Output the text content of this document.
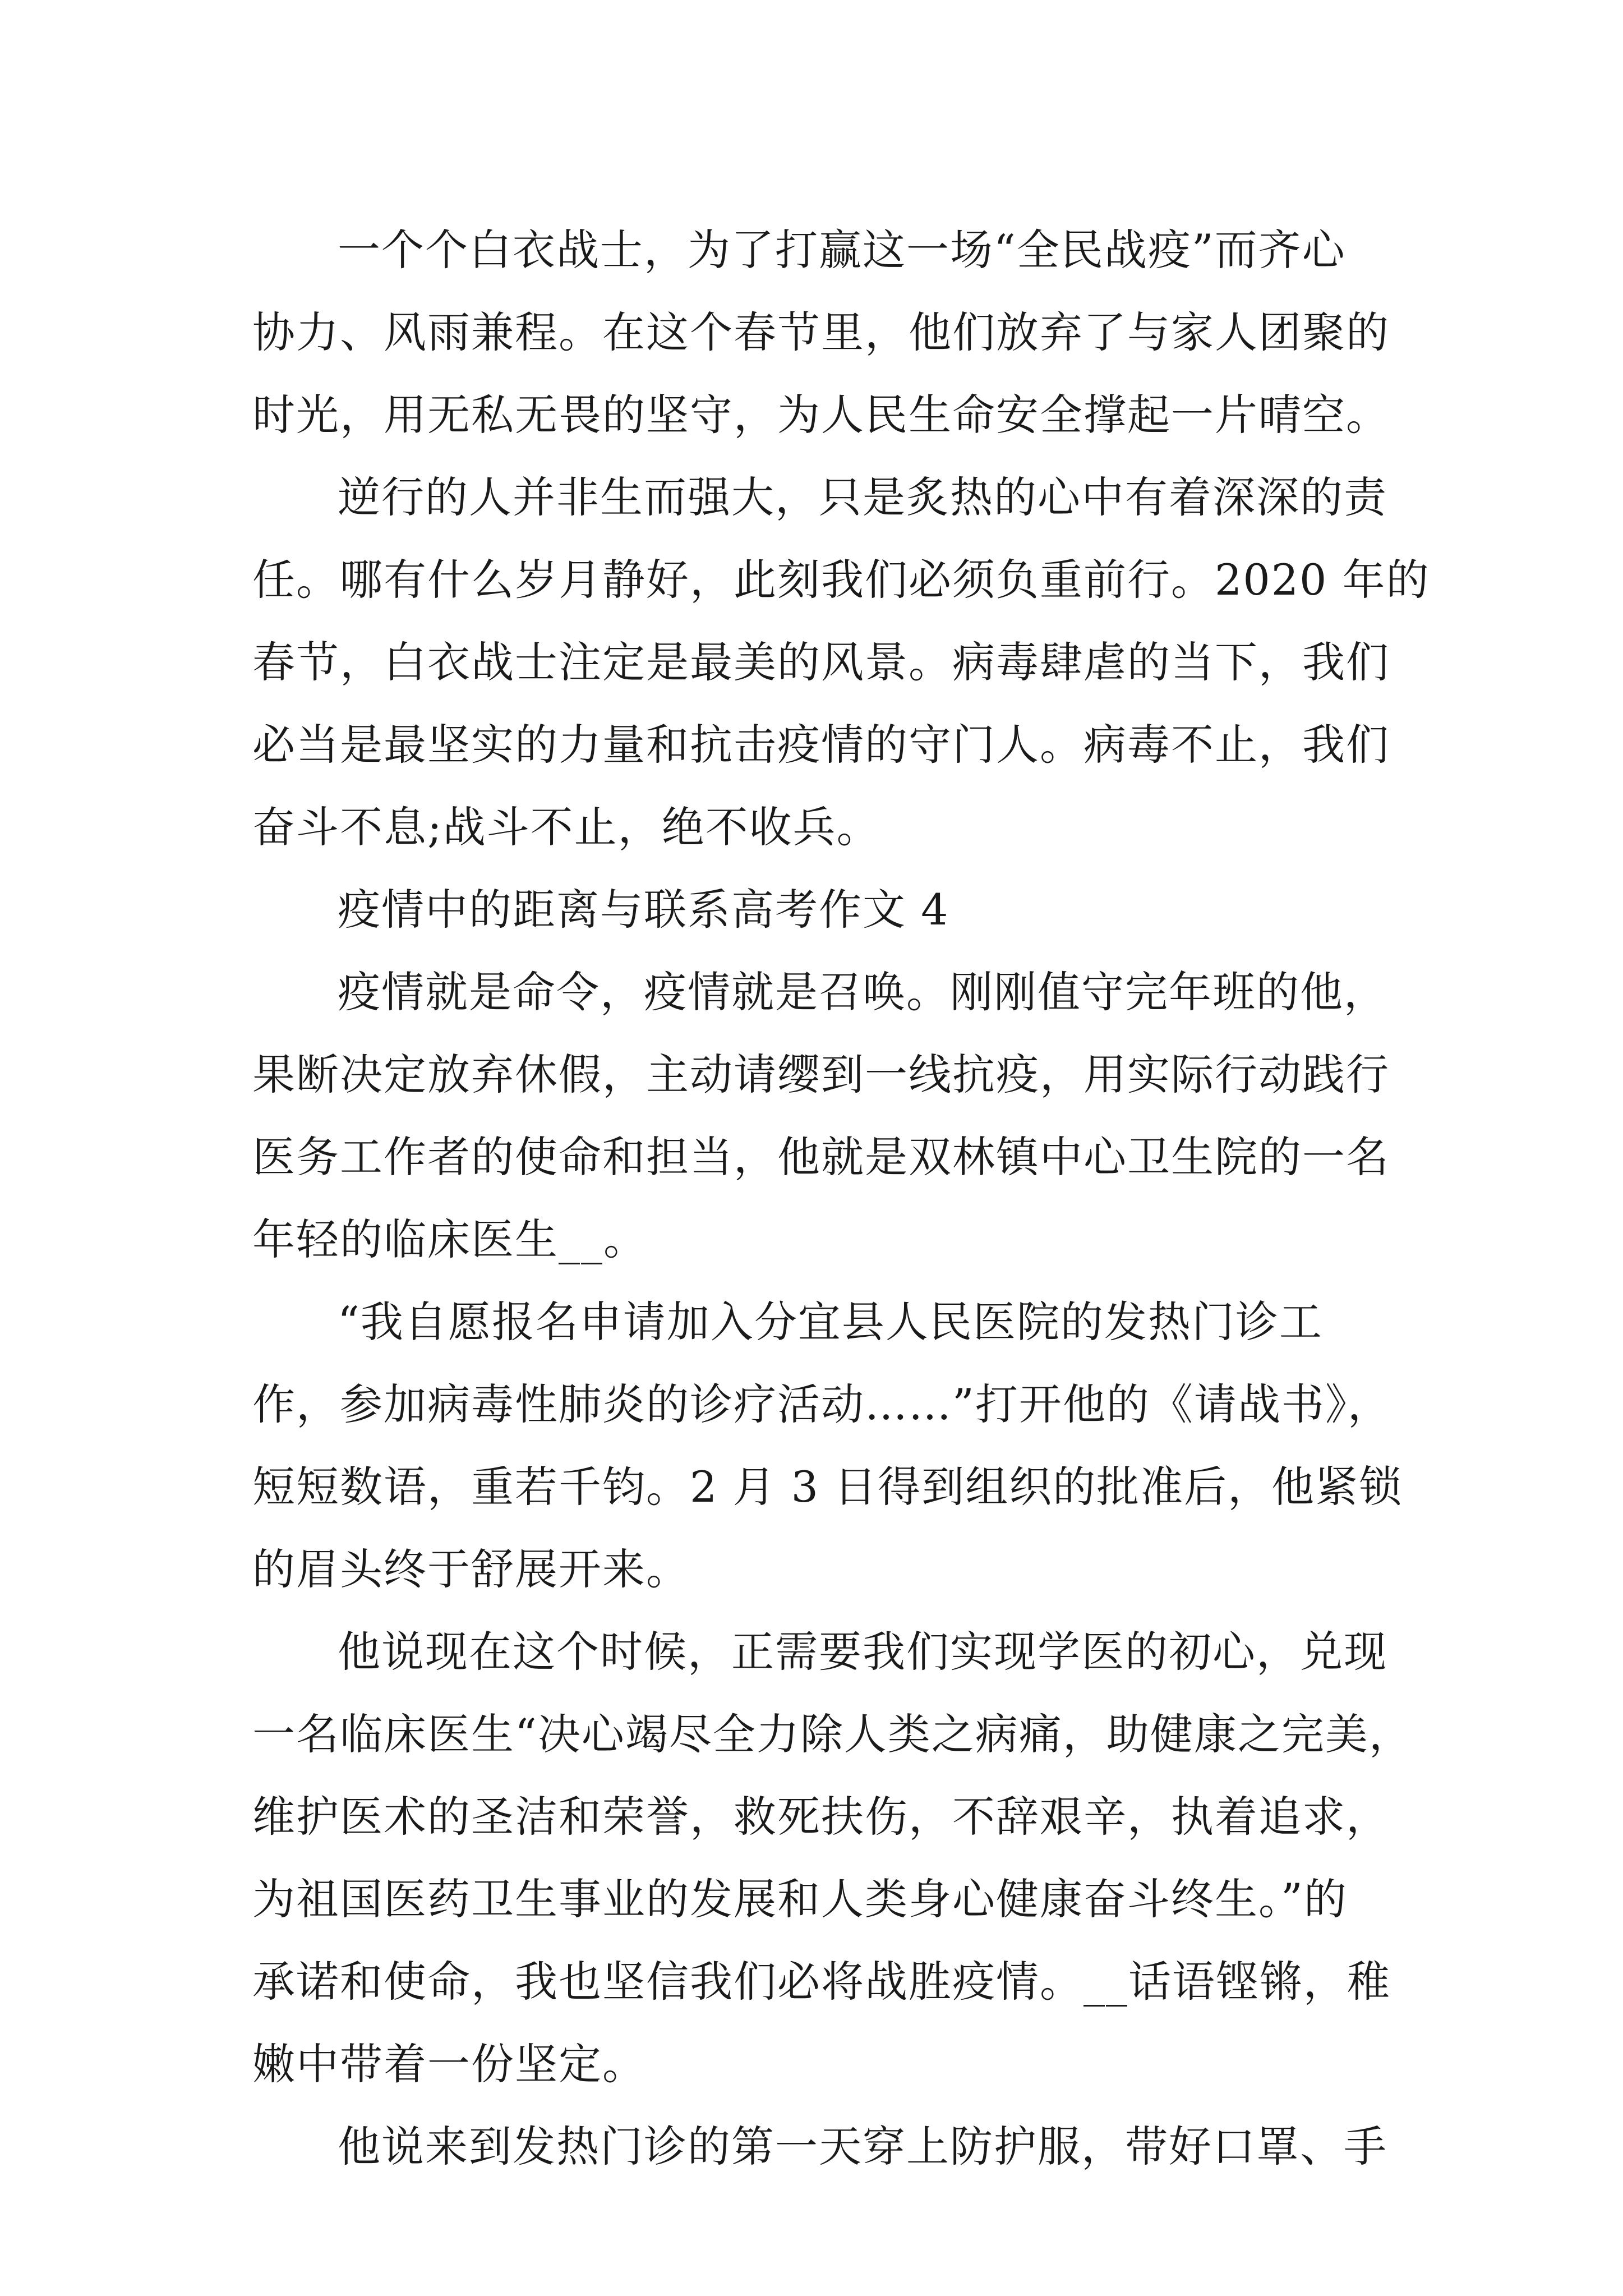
一个个白衣战士，为了打赢这一场“全民战疫”而齐心
协力、风雨兼程。在这个春节里，他们放弃了与家人团聚的
时光，用无私无畏的坚守，为人民生命安全撑起一片晴空。
逆行的人并非生而强大，只是炙热的心中有着深深的责
任。哪有什么岁月静好，此刻我们必须负重前行。2020 年的
春节，白衣战士注定是最美的风景。病毒肆虐的当下，我们
必当是最坚实的力量和抗击疫情的守门人。病毒不止，我们
奋斗不息;战斗不止，绝不收兵。
疫情中的距离与联系高考作文 4
疫情就是命令，疫情就是召唤。刚刚值守完年班的他，
果断决定放弃休假，主动请缨到一线抗疫，用实际行动践行
医务工作者的使命和担当，他就是双林镇中心卫生院的一名
年轻的临床医生__。
“我自愿报名申请加入分宜县人民医院的发热门诊工
作，参加病毒性肺炎的诊疗活动……”打开他的《请战书》，
短短数语，重若千钧。2 月 3 日得到组织的批准后，他紧锁
的眉头终于舒展开来。
他说现在这个时候，正需要我们实现学医的初心，兑现
一名临床医生“决心竭尽全力除人类之病痛，助健康之完美，
维护医术的圣洁和荣誉，救死扶伤，不辞艰辛，执着追求，
为祖国医药卫生事业的发展和人类身心健康奋斗终生。”的
承诺和使命，我也坚信我们必将战胜疫情。__话语铿锵，稚
嫩中带着一份坚定。
他说来到发热门诊的第一天穿上防护服，带好口罩、手
